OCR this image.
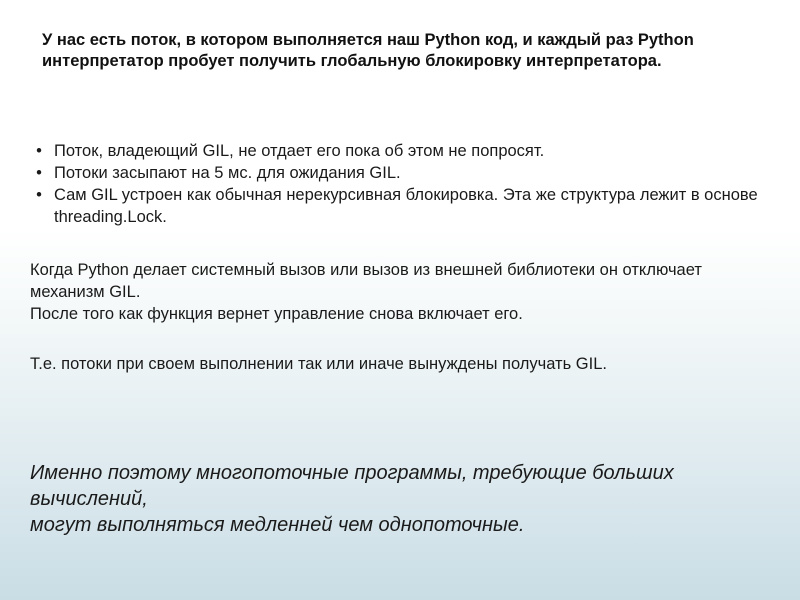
У нас есть поток, в котором выполняется наш Python код, и каждый раз Python интерпретатор пробует получить глобальную блокировку интерпретатора.
• Поток, владеющий GIL, не отдает его пока об этом не попросят.
• Потоки засыпают на 5 мс. для ожидания GIL.
• Сам GIL устроен как обычная нерекурсивная блокировка. Эта же структура лежит в основе threading.Lock.
Когда Python делает системный вызов или вызов из внешней библиотеки он отключает механизм GIL.
После того как функция вернет управление снова включает его.
Т.е. потоки при своем выполнении так или иначе вынуждены получать GIL.
Именно поэтому многопоточные программы, требующие больших вычислений,
могут выполняться медленней чем однопоточные.
